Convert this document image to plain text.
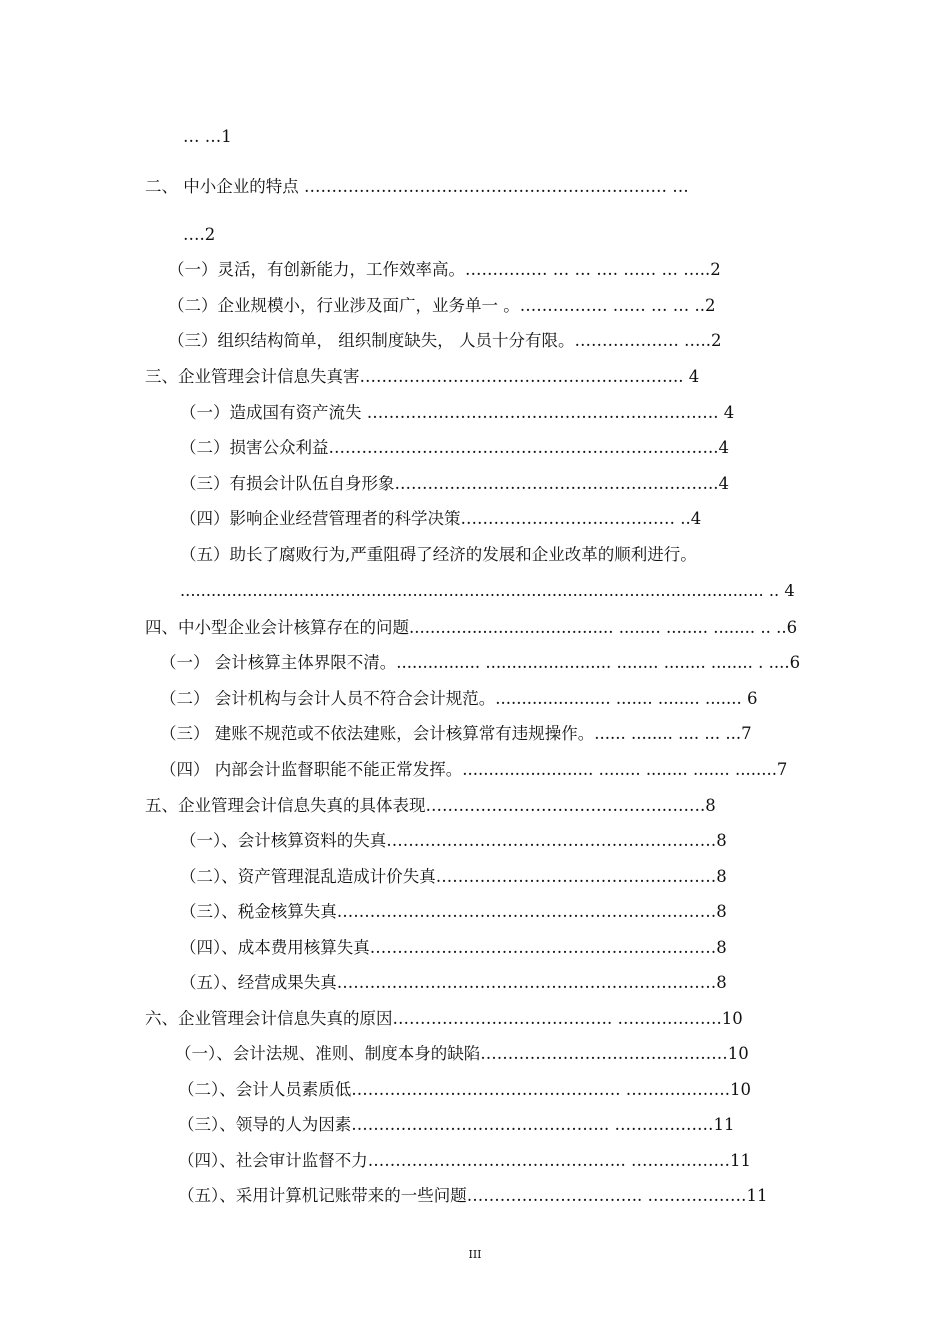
… …1
二、 中小企业的特点 ………………………………………………………… …
….2
（一）灵活，有创新能力，工作效率高。…………… … … …. …… … …..2
（二）企业规模小，行业涉及面广，业务单一 。……………. …… … … ..2
（三）组织结构简单， 组织制度缺失， 人员十分有限。………………. …..2
三、企业管理会计信息失真害………………………………………………….. 4
（一）造成国有资产流失 ………………………………………………………. 4
（二）损害公众利益……………………………………………………………..4
（三）有损会计队伍自身形象…………………………………………………..4
（四）影响企业经营管理者的科学决策………………………………… ..4
（五）助长了腐败行为,严重阻碍了经济的发展和企业改革的顺利进行。
................................................................................................................. .. 4
四、中小型企业会计核算存在的问题....................................... ........ ........ ........ .. ..6
（一） 会计核算主体界限不清。................ ........................ ........ ........ ........ . ....6
（二） 会计机构与会计人员不符合会计规范。...................... ....... ........ ....... 6
（三） 建账不规范或不依法建账，会计核算常有违规操作。...... ........ .... ... ...7
（四） 内部会计监督职能不能正常发挥。......................... ........ ........ ....... ........7
五、企业管理会计信息失真的具体表现……………………………………..…….8
（一）、会计核算资料的失真……………………………………………………8
（二）、资产管理混乱造成计价失真……………………………………………8
（三）、税金核算失真……………………………………………………………8
（四）、成本费用核算失真………………………………………………………8
（五）、经营成果失真……………………………………………………………8
六、企业管理会计信息失真的原因…………………………………. ……………….10
（一）、会计法规、准则、制度本身的缺陷………………………………………10
（二）、会计人员素质低…………………………………………. ……………….10
（三）、领导的人为因素……………………………………….. ………………11
（四）、社会审计监督不力……………………………………….. ………………11
（五）、采用计算机记账带来的一些问题………………………….. ………………11
III
